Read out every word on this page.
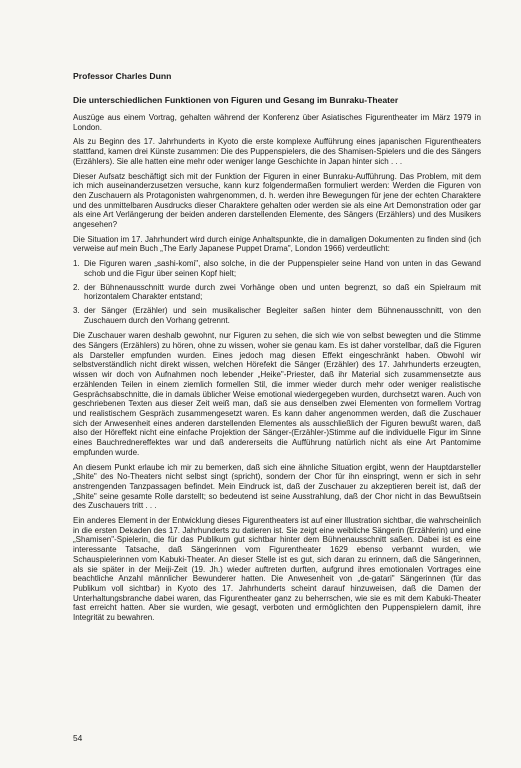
Professor Charles Dunn
Die unterschiedlichen Funktionen von Figuren und Gesang im Bunraku-Theater

Auszüge aus einem Vortrag, gehalten während der Konferenz über Asiatisches Figurentheater im März 1979 in London.

Als zu Beginn des 17. Jahrhunderts in Kyoto die erste komplexe Aufführung eines japanischen Figurentheaters stattfand, kamen drei Künste zusammen: Die des Puppenspielers, die des Shamisen-Spielers und die des Sängers (Erzählers). Sie alle hatten eine mehr oder weniger lange Geschichte in Japan hinter sich . . .

Dieser Aufsatz beschäftigt sich mit der Funktion der Figuren in einer Bunraku-Aufführung. Das Problem, mit dem ich mich auseinanderzusetzen versuche, kann kurz folgendermaßen formuliert werden: Werden die Figuren von den Zuschauern als Protagonisten wahrgenommen, d. h. werden ihre Bewegungen für jene der echten Charaktere und des unmittelbaren Ausdrucks dieser Charaktere gehalten oder werden sie als eine Art Demonstration oder gar als eine Art Verlängerung der beiden anderen darstellenden Elemente, des Sängers (Erzählers) und des Musikers angesehen?

Die Situation im 17. Jahrhundert wird durch einige Anhaltspunkte, die in damaligen Dokumenten zu finden sind (ich verweise auf mein Buch „The Early Japanese Puppet Drama", London 1966) verdeutlicht:

1. Die Figuren waren „sashi-komi", also solche, in die der Puppenspieler seine Hand von unten in das Gewand schob und die Figur über seinen Kopf hielt;
2. der Bühnenausschnitt wurde durch zwei Vorhänge oben und unten begrenzt, so daß ein Spielraum mit horizontalem Charakter entstand;
3. der Sänger (Erzähler) und sein musikalischer Begleiter saßen hinter dem Bühnenausschnitt, von den Zuschauern durch den Vorhang getrennt.

Die Zuschauer waren deshalb gewohnt, nur Figuren zu sehen, die sich wie von selbst bewegten und die Stimme des Sängers (Erzählers) zu hören, ohne zu wissen, woher sie genau kam. Es ist daher vorstellbar, daß die Figuren als Darsteller empfunden wurden. Eines jedoch mag diesen Effekt eingeschränkt haben. Obwohl wir selbstverständlich nicht direkt wissen, welchen Hörefekt die Sänger (Erzähler) des 17. Jahrhunderts erzeugten, wissen wir doch von Aufnahmen noch lebender „Heike"-Priester, daß ihr Material sich zusammensetzte aus erzählenden Teilen in einem ziemlich formellen Stil, die immer wieder durch mehr oder weniger realistische Gesprächsabschnitte, die in damals üblicher Weise emotional wiedergegeben wurden, durchsetzt waren. Auch von geschriebenen Texten aus dieser Zeit weiß man, daß sie aus denselben zwei Elementen von formellem Vortrag und realistischem Gespräch zusammengesetzt waren. Es kann daher angenommen werden, daß die Zuschauer sich der Anwesenheit eines anderen darstellenden Elementes als ausschließlich der Figuren bewußt waren, daß also der Höreffekt nicht eine einfache Projektion der Sänger-(Erzähler-)Stimme auf die individuelle Figur im Sinne eines Bauchrednereffektes war und daß andererseits die Aufführung natürlich nicht als eine Art Pantomime empfunden wurde.

An diesem Punkt erlaube ich mir zu bemerken, daß sich eine ähnliche Situation ergibt, wenn der Hauptdarsteller „Shite" des No-Theaters nicht selbst singt (spricht), sondern der Chor für ihn einspringt, wenn er sich in sehr anstrengenden Tanzpassagen befindet. Mein Eindruck ist, daß der Zuschauer zu akzeptieren bereit ist, daß der „Shite" seine gesamte Rolle darstellt; so bedeutend ist seine Ausstrahlung, daß der Chor nicht in das Bewußtsein des Zuschauers tritt . . .

Ein anderes Element in der Entwicklung dieses Figurentheaters ist auf einer Illustration sichtbar, die wahrscheinlich in die ersten Dekaden des 17. Jahrhunderts zu datieren ist. Sie zeigt eine weibliche Sängerin (Erzählerin) und eine „Shamisen"-Spielerin, die für das Publikum gut sichtbar hinter dem Bühnenausschnitt saßen. Dabei ist es eine interessante Tatsache, daß Sängerinnen vom Figurentheater 1629 ebenso verbannt wurden, wie Schauspielerinnen vom Kabuki-Theater. An dieser Stelle ist es gut, sich daran zu erinnern, daß die Sängerinnen, als sie später in der Meiji-Zeit (19. Jh.) wieder auftreten durften, aufgrund ihres emotionalen Vortrages eine beachtliche Anzahl männlicher Bewunderer hatten. Die Anwesenheit von „de-gatari" Sängerinnen (für das Publikum voll sichtbar) in Kyoto des 17. Jahrhunderts scheint darauf hinzuweisen, daß die Damen der Unterhaltungsbranche dabei waren, das Figurentheater ganz zu beherrschen, wie sie es mit dem Kabuki-Theater fast erreicht hatten. Aber sie wurden, wie gesagt, verboten und ermöglichten den Puppenspielern damit, ihre Integrität zu bewahren.

54
